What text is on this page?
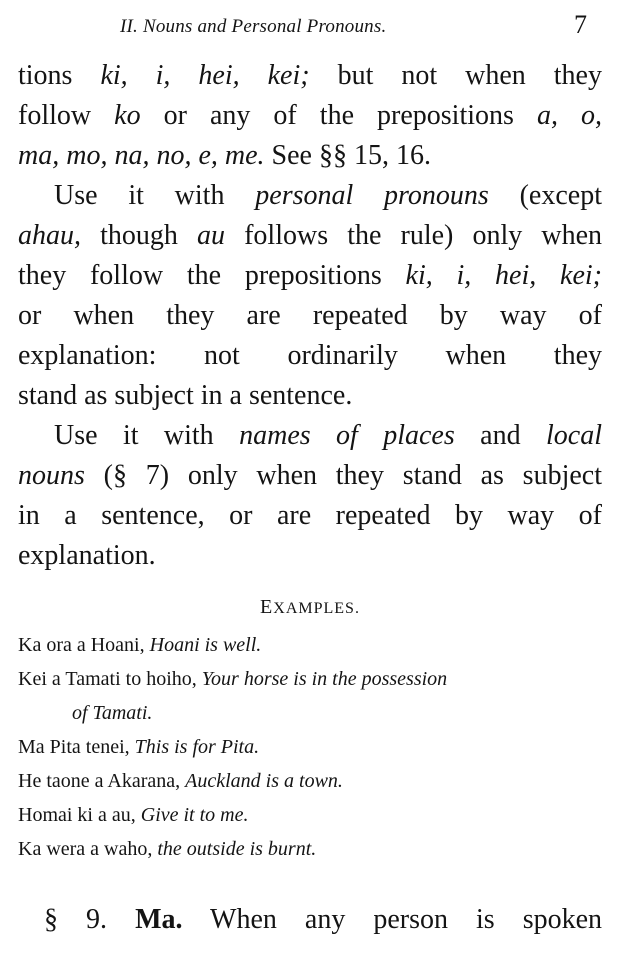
II. Nouns and Personal Pronouns.	7
tions ki, i, hei, kei; but not when they
follow ko or any of the prepositions a, o,
ma, mo, na, no, e, me. See §§ 15, 16.
Use it with personal pronouns (except
ahau, though au follows the rule) only when
they follow the prepositions ki, i, hei, kei;
or when they are repeated by way of
explanation: not ordinarily when they
stand as subject in a sentence.
Use it with names of places and local
nouns (§ 7) only when they stand as subject
in a sentence, or are repeated by way of
explanation.
EXAMPLES.
Ka ora a Hoani, Hoani is well.
Kei a Tamati to hoiho, Your horse is in the possession
of Tamati.
Ma Pita tenei, This is for Pita.
He taone a Akarana, Auckland is a town.
Homai ki a au, Give it to me.
Ka wera a waho, the outside is burnt.
§ 9. Ma. When any person is spoken
